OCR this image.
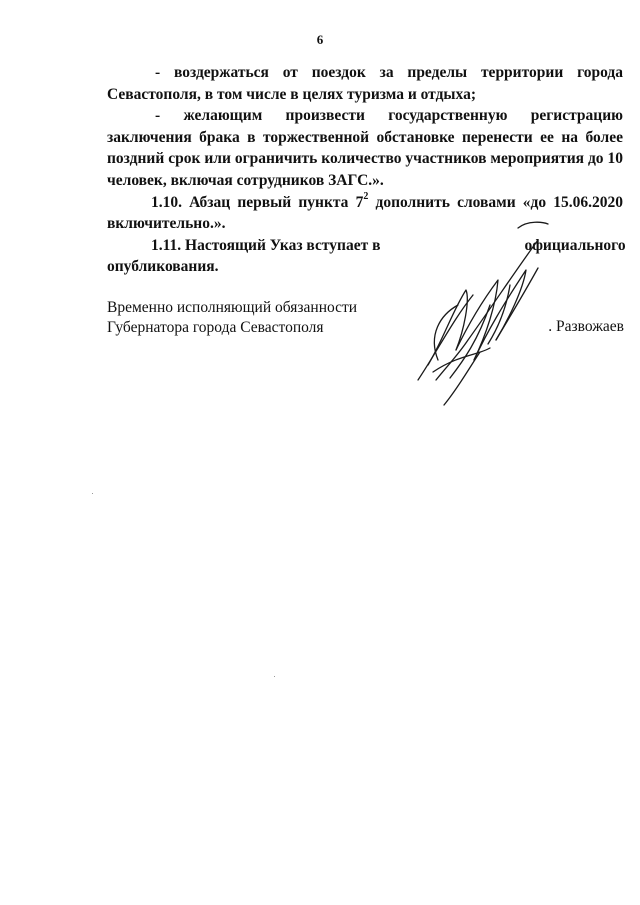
6

- воздержаться от поездок за пределы территории города Севастополя, в том числе в целях туризма и отдыха;

- желающим произвести государственную регистрацию заключения брака в торжественной обстановке перенести ее на более поздний срок или ограничить количество участников мероприятия до 10 человек, включая сотрудников ЗАГС.».

1.10. Абзац первый пункта $7^2$ дополнить словами «до 15.06.2020 включительно.».

1.11. Настоящий Указ вступает в	официального

опубликования.

Временно исполняющий обязанности
Губернатора города Севастополя	. Развожаев
